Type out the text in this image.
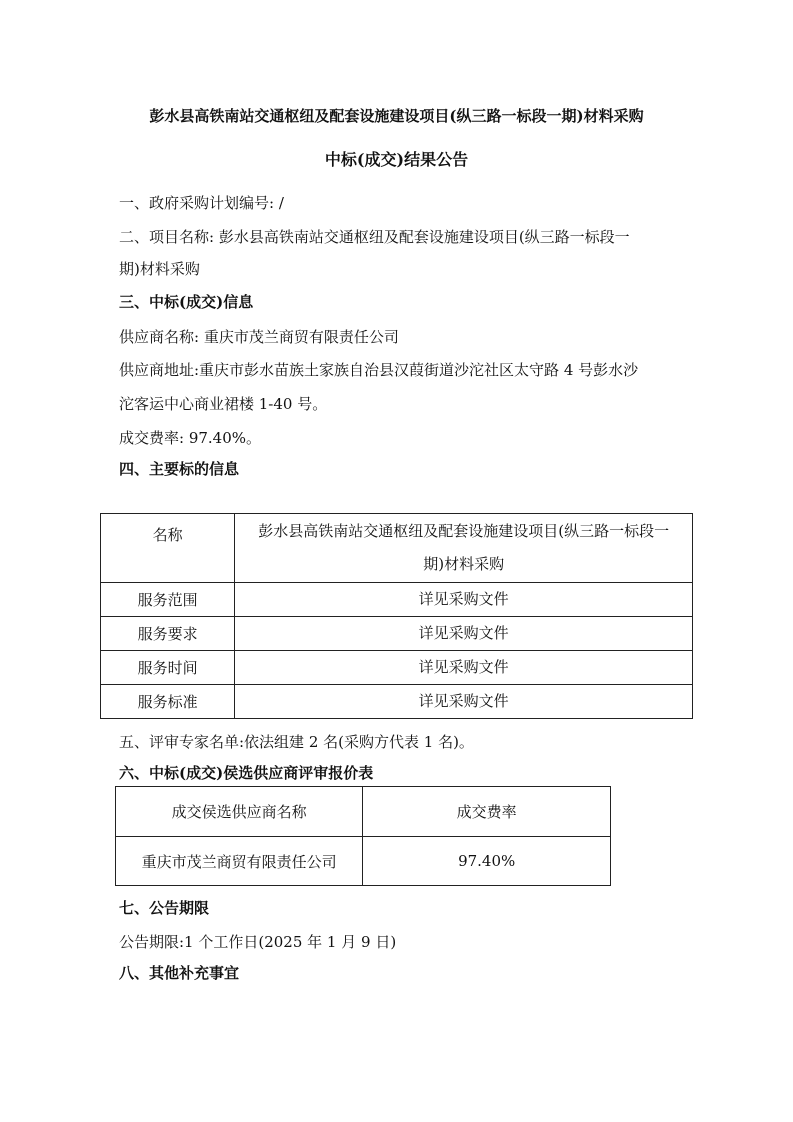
彭水县高铁南站交通枢纽及配套设施建设项目(纵三路一标段一期)材料采购
中标(成交)结果公告
一、政府采购计划编号: /
二、项目名称: 彭水县高铁南站交通枢纽及配套设施建设项目(纵三路一标段一
期)材料采购
三、中标(成交)信息
供应商名称: 重庆市茂兰商贸有限责任公司
供应商地址:重庆市彭水苗族土家族自治县汉葭街道沙沱社区太守路 4 号彭水沙
沱客运中心商业裙楼 1-40 号。
成交费率: 97.40%。
四、主要标的信息
名称	彭水县高铁南站交通枢纽及配套设施建设项目(纵三路一标段一
期)材料采购

服务范围	详见采购文件
服务要求	详见采购文件
服务时间	详见采购文件
服务标准	详见采购文件
五、评审专家名单:依法组建 2 名(采购方代表 1 名)。
六、中标(成交)侯选供应商评审报价表
成交侯选供应商名称	成交费率
重庆市茂兰商贸有限责任公司	97.40%
七、公告期限
公告期限:1 个工作日(2025 年 1 月 9 日)
八、其他补充事宜
